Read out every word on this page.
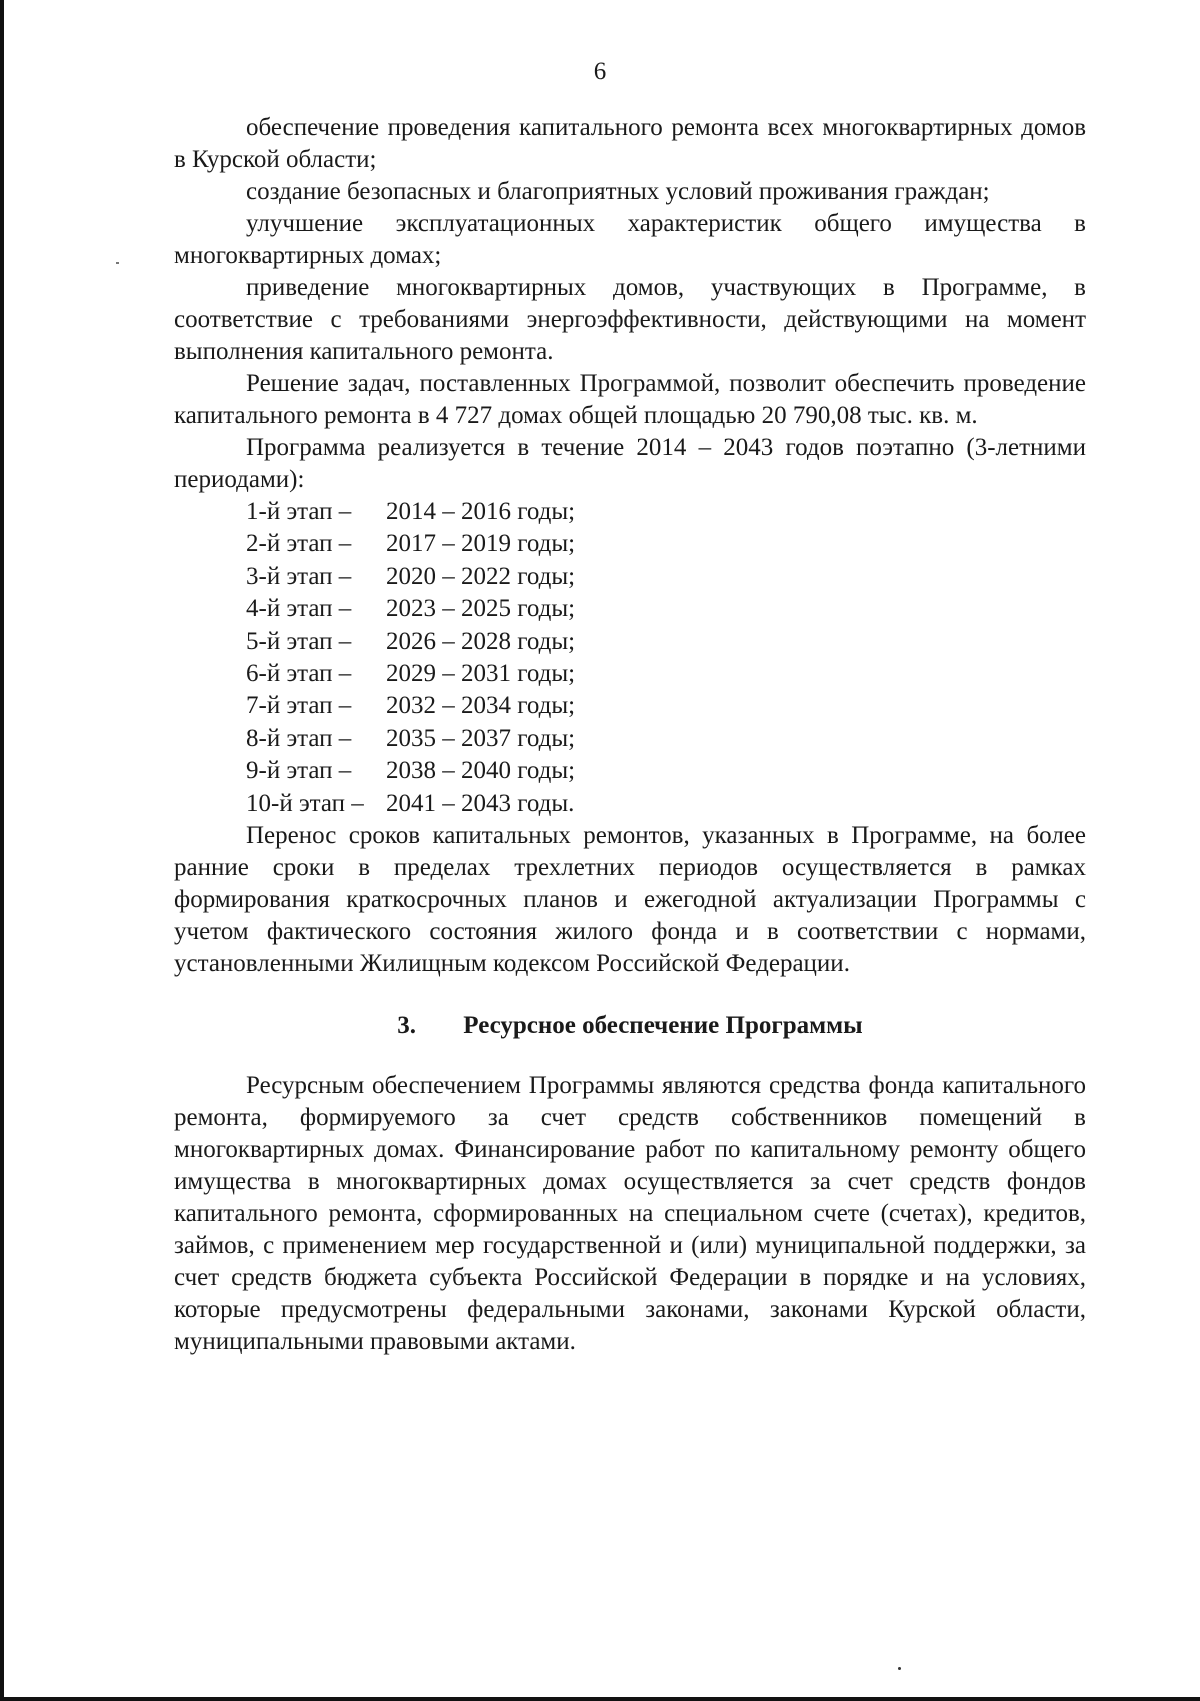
6

обеспечение проведения капитального ремонта всех многоквартирных домов в Курской области;

создание безопасных и благоприятных условий проживания граждан;

улучшение эксплуатационных характеристик общего имущества в многоквартирных домах;

приведение многоквартирных домов, участвующих в Программе, в соответствие с требованиями энергоэффективности, действующими на момент выполнения капитального ремонта.

Решение задач, поставленных Программой, позволит обеспечить проведение капитального ремонта в 4 727 домах общей площадью 20 790,08 тыс. кв. м.

Программа реализуется в течение 2014 – 2043 годов поэтапно (3-летними периодами):

1-й этап – 2014 – 2016 годы;
2-й этап – 2017 – 2019 годы;
3-й этап – 2020 – 2022 годы;
4-й этап – 2023 – 2025 годы;
5-й этап – 2026 – 2028 годы;
6-й этап – 2029 – 2031 годы;
7-й этап – 2032 – 2034 годы;
8-й этап – 2035 – 2037 годы;
9-й этап – 2038 – 2040 годы;
10-й этап – 2041 – 2043 годы.

Перенос сроков капитальных ремонтов, указанных в Программе, на более ранние сроки в пределах трехлетних периодов осуществляется в рамках формирования краткосрочных планов и ежегодной актуализации Программы с учетом фактического состояния жилого фонда и в соответствии с нормами, установленными Жилищным кодексом Российской Федерации.

3. Ресурсное обеспечение Программы

Ресурсным обеспечением Программы являются средства фонда капитального ремонта, формируемого за счет средств собственников помещений в многоквартирных домах. Финансирование работ по капитальному ремонту общего имущества в многоквартирных домах осуществляется за счет средств фондов капитального ремонта, сформированных на специальном счете (счетах), кредитов, займов, с применением мер государственной и (или) муниципальной поддержки, за счет средств бюджета субъекта Российской Федерации в порядке и на условиях, которые предусмотрены федеральными законами, законами Курской области, муниципальными правовыми актами.
